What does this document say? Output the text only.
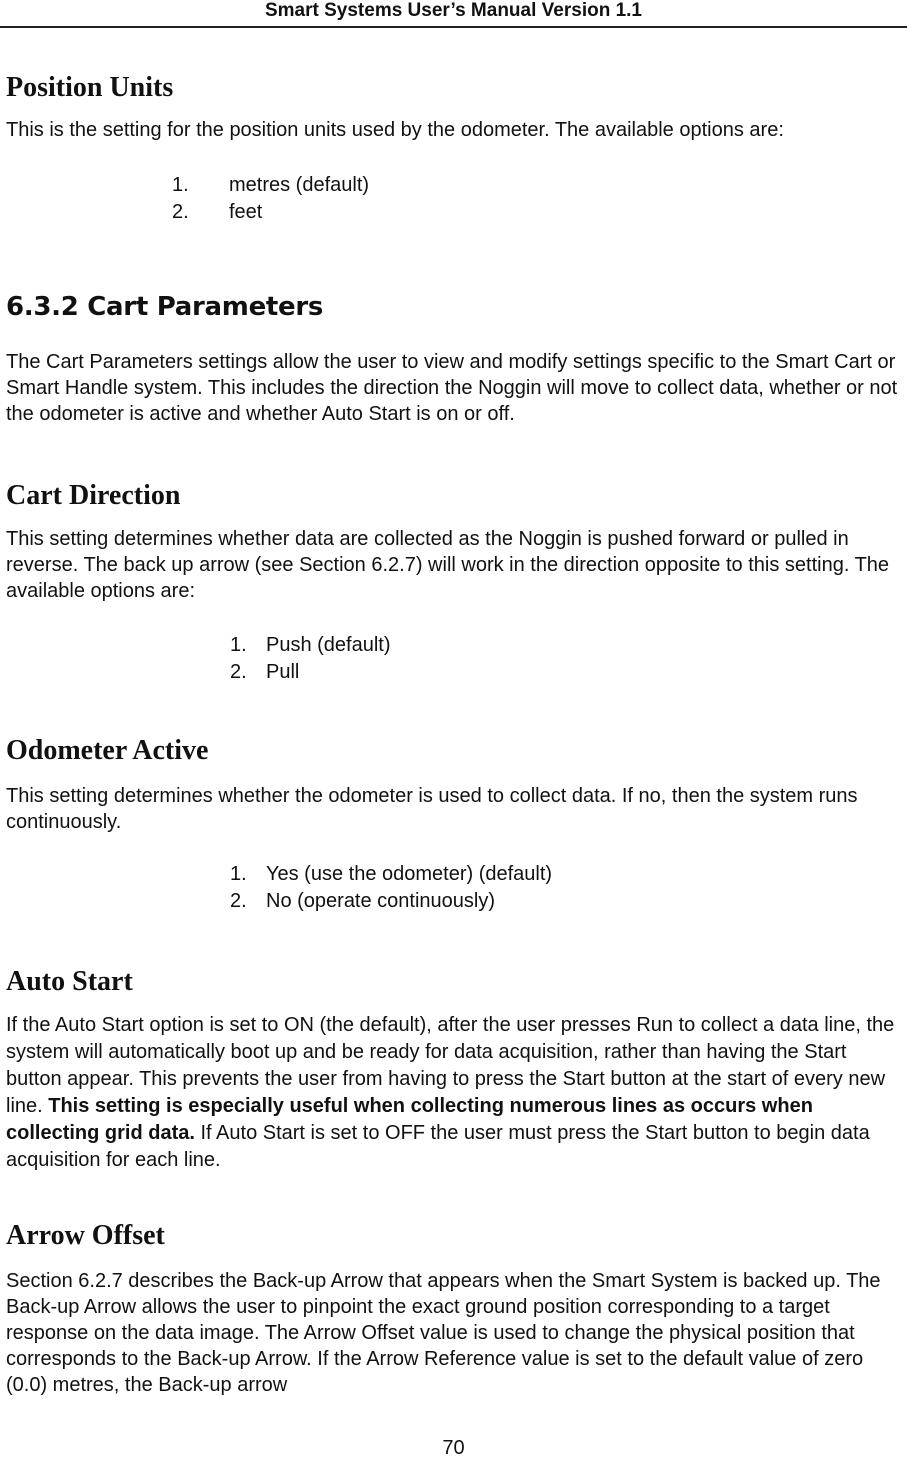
Smart Systems User’s Manual Version 1.1
Position Units

This is the setting for the position units used by the odometer. The available options are:

1. metres (default)
2. feet
6.3.2 Cart Parameters

The Cart Parameters settings allow the user to view and modify settings specific to the Smart Cart or Smart Handle system. This includes the direction the Noggin will move to collect data, whether or not the odometer is active and whether Auto Start is on or off.

Cart Direction

This setting determines whether data are collected as the Noggin is pushed forward or pulled in reverse. The back up arrow (see Section 6.2.7) will work in the direction opposite to this setting. The available options are:

1. Push (default)
2. Pull
Odometer Active

This setting determines whether the odometer is used to collect data. If no, then the system runs continuously.

1. Yes (use the odometer) (default)
2. No (operate continuously)
Auto Start

If the Auto Start option is set to ON (the default), after the user presses Run to collect a data line, the system will automatically boot up and be ready for data acquisition, rather than having the Start button appear. This prevents the user from having to press the Start button at the start of every new line. This setting is especially useful when collecting numerous lines as occurs when collecting grid data. If Auto Start is set to OFF the user must press the Start button to begin data acquisition for each line.

Arrow Offset

Section 6.2.7 describes the Back-up Arrow that appears when the Smart System is backed up. The Back-up Arrow allows the user to pinpoint the exact ground position corresponding to a target response on the data image. The Arrow Offset value is used to change the physical position that corresponds to the Back-up Arrow. If the Arrow Reference value is set to the default value of zero (0.0) metres, the Back-up arrow

70
